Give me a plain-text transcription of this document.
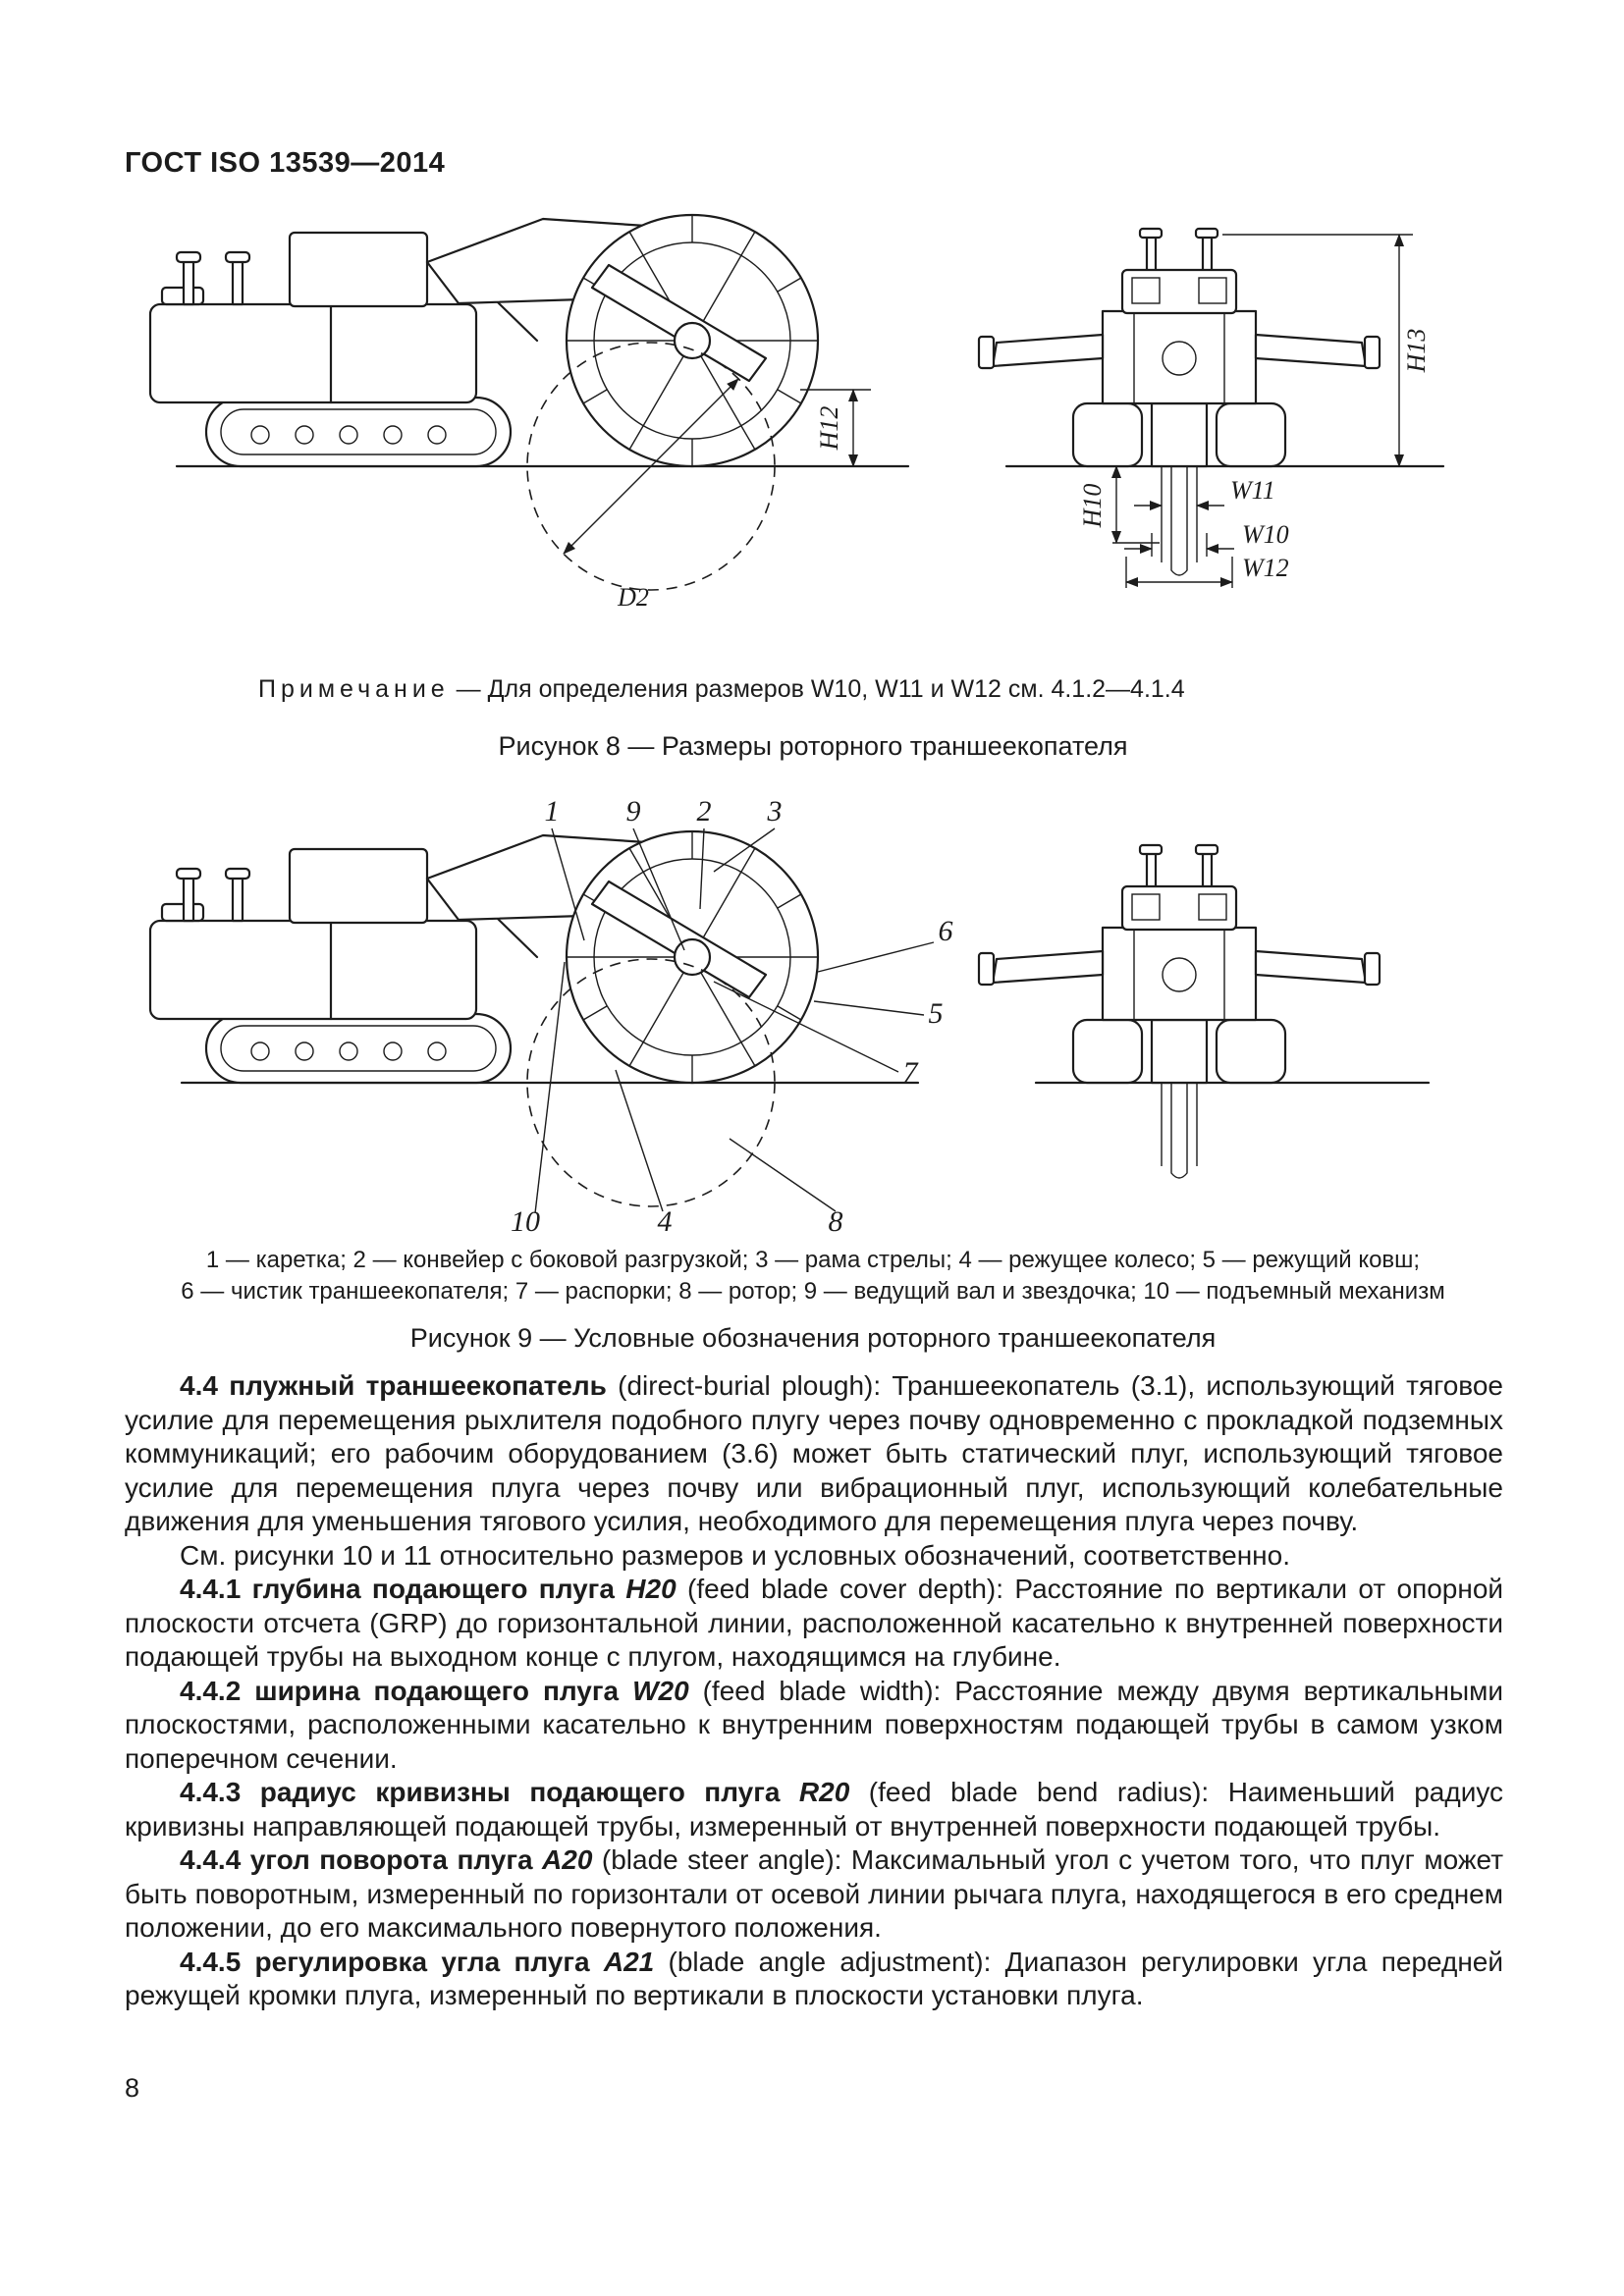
ГОСТ ISO 13539—2014
D2
H12
H13
H10	W11
W10
W12
Примечание — Для определения размеров W10, W11 и W12 см. 4.1.2—4.1.4
Рисунок 8 — Размеры роторного траншеекопателя
1 9 2 3
6
5
7
10	4	8
1 — каретка; 2 — конвейер с боковой разгрузкой; 3 — рама стрелы; 4 — режущее колесо; 5 — режущий ковш;
6 — чистик траншеекопателя; 7 — распорки; 8 — ротор; 9 — ведущий вал и звездочка; 10 — подъемный механизм
Рисунок 9 — Условные обозначения роторного траншеекопателя

4.4 плужный траншеекопатель (direct-burial plough): Траншеекопатель (3.1), использующий тяговое усилие для перемещения рыхлителя подобного плугу через почву одновременно с прокладкой подземных коммуникаций; его рабочим оборудованием (3.6) может быть статический плуг, использующий тяговое усилие для перемещения плуга через почву или вибрационный плуг, использующий колебательные движения для уменьшения тягового усилия, необходимого для перемещения плуга через почву.

См. рисунки 10 и 11 относительно размеров и условных обозначений, соответственно.

4.4.1 глубина подающего плуга H20 (feed blade cover depth): Расстояние по вертикали от опорной плоскости отсчета (GRP) до горизонтальной линии, расположенной касательно к внутренней поверхности подающей трубы на выходном конце с плугом, находящимся на глубине.

4.4.2 ширина подающего плуга W20 (feed blade width): Расстояние между двумя вертикальными плоскостями, расположенными касательно к внутренним поверхностям подающей трубы в самом узком поперечном сечении.

4.4.3 радиус кривизны подающего плуга R20 (feed blade bend radius): Наименьший радиус кривизны направляющей подающей трубы, измеренный от внутренней поверхности подающей трубы.

4.4.4 угол поворота плуга A20 (blade steer angle): Максимальный угол с учетом того, что плуг может быть поворотным, измеренный по горизонтали от осевой линии рычага плуга, находящегося в его среднем положении, до его максимального повернутого положения.

4.4.5 регулировка угла плуга A21 (blade angle adjustment): Диапазон регулировки угла передней режущей кромки плуга, измеренный по вертикали в плоскости установки плуга.

8
